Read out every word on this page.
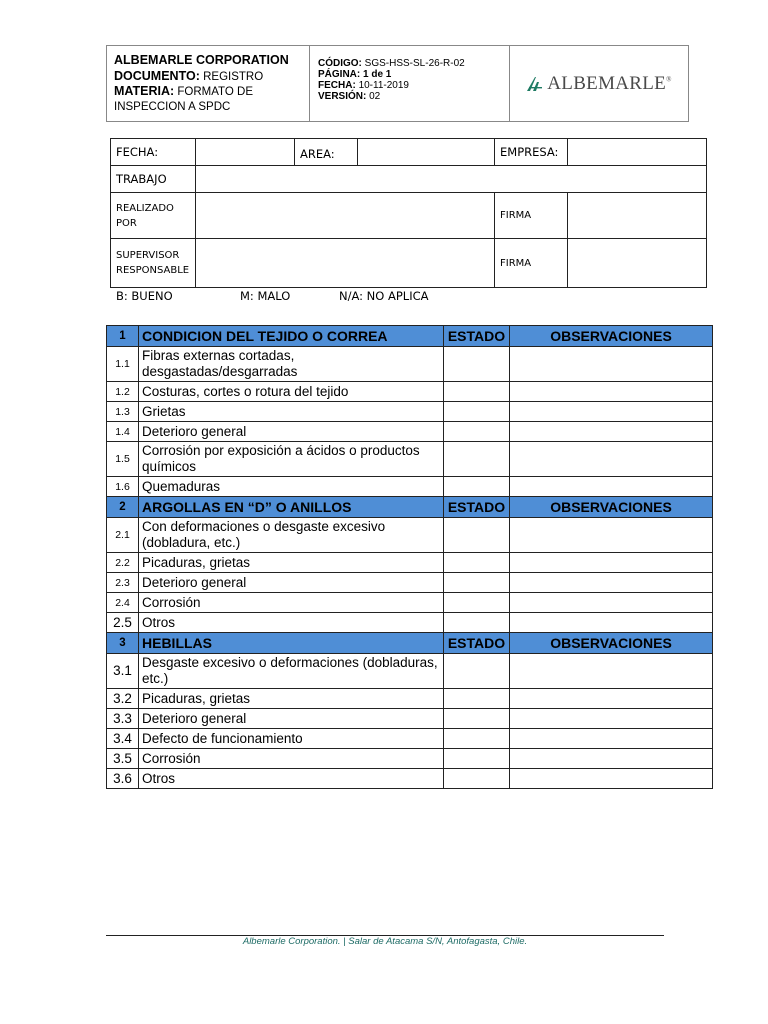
ALBEMARLE CORPORATION
DOCUMENTO: REGISTRO
MATERIA: FORMATO DE INSPECCION A SPDC
CÓDIGO: SGS-HSS-SL-26-R-02
PÁGINA: 1 de 1
FECHA: 10-11-2019
VERSIÓN: 02
ALBEMARLE®
FECHA:		AREA:		EMPRESA:	
TRABAJO					
REALIZADO
POR				FIRMA	
SUPERVISOR
RESPONSABLE				FIRMA	
B: BUENO	M: MALO	N/A: NO APLICA
1	CONDICION DEL TEJIDO O CORREA	ESTADO	OBSERVACIONES
1.1	Fibras externas cortadas, desgastadas/desgarradas		
1.2	Costuras, cortes o rotura del tejido		
1.3	Grietas		
1.4	Deterioro general		
1.5	Corrosión por exposición a ácidos o productos químicos		
1.6	Quemaduras		
2	ARGOLLAS EN “D” O ANILLOS	ESTADO	OBSERVACIONES
2.1	Con deformaciones o desgaste excesivo (dobladura, etc.)		
2.2	Picaduras, grietas		
2.3	Deterioro general		
2.4	Corrosión		
2.5	Otros		
3	HEBILLAS	ESTADO	OBSERVACIONES
3.1	Desgaste excesivo o deformaciones (dobladuras, etc.)		
3.2	Picaduras, grietas		
3.3	Deterioro general		
3.4	Defecto de funcionamiento		
3.5	Corrosión		
3.6	Otros		
Albemarle Corporation. | Salar de Atacama S/N, Antofagasta, Chile.
